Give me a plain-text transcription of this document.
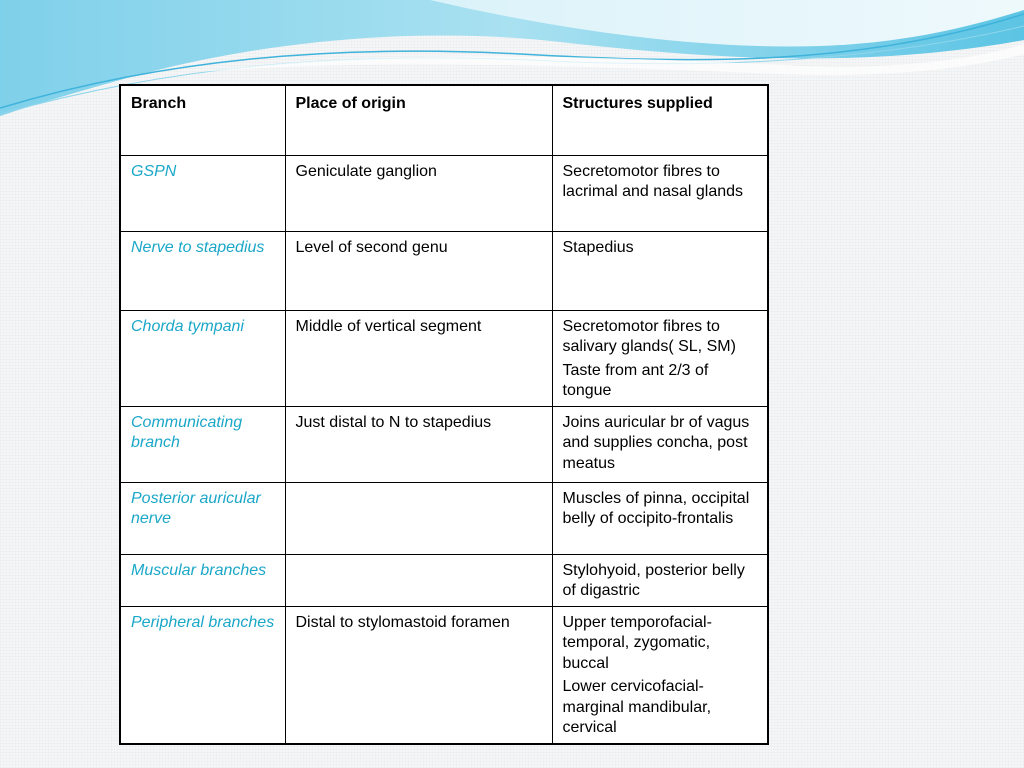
Branch	Place of origin	Structures supplied
GSPN	Geniculate ganglion	Secretomotor fibres to lacrimal and nasal glands

Nerve to stapedius	Level of second genu	Stapedius

Chorda tympani	Middle of vertical segment	Secretomotor fibres to salivary glands( SL, SM)
Taste from ant 2/3 of tongue

Communicating branch	Just distal to N to stapedius	Joins auricular br of vagus and supplies concha, post meatus

Posterior auricular nerve		Muscles of pinna, occipital belly of occipito-frontalis

Muscular branches		Stylohyoid, posterior belly of digastric

Peripheral branches	Distal to stylomastoid foramen	Upper temporofacial- temporal, zygomatic, buccal
Lower cervicofacial- marginal mandibular, cervical
